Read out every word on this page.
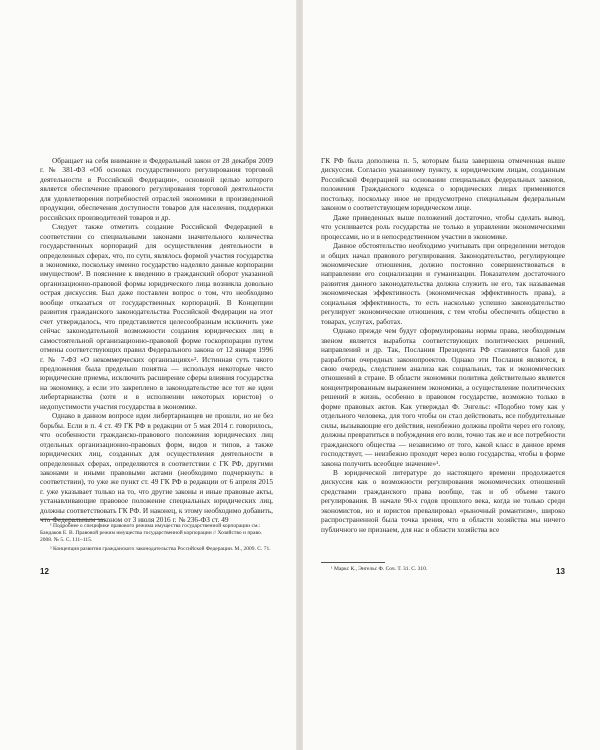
Обращает на себя внимание и Федеральный закон от 28 декабря 2009 г. № 381-ФЗ «Об основах государственного регулирования торговой деятельности в Российской Федерации», основной целью которого является обеспечение правового регулирования торговой деятельности для удовлетворения потребностей отраслей экономики в произведенной продукции, обеспечения доступности товаров для населения, поддержки российских производителей товаров и др.

Следует также отметить создание Российской Федерацией в соответствии со специальными законами значительного количества государственных корпораций для осуществления деятельности в определенных сферах, что, по сути, являлось формой участия государства в экономике, поскольку именно государство наделяло данные корпорации имуществом¹. В пояснение к введению в гражданский оборот указанной организационно-правовой формы юридического лица возникла довольно острая дискуссия. Был даже поставлен вопрос о том, что необходимо вообще отказаться от государственных корпораций. В Концепции развития гражданского законодательства Российской Федерации на этот счет утверждалось, что представляется целесообразным исключить уже сейчас законодательной возможности создания юридических лиц в самостоятельной организационно-правовой форме госкорпорации путем отмены соответствующих правил Федерального закона от 12 января 1996 г. № 7-ФЗ «О некоммерческих организациях»². Истинная суть такого предложения была предельно понятна — используя некоторые чисто юридические приемы, исключить расширение сферы влияния государства на экономику, а если это закреплено в законодательстве все тот же идеи либертарианства (хотя и в исполнении некоторых юристов) о недопустимости участия государства в экономике.

Однако в данном вопросе идеи либертарианцев не прошли, но не без борьбы. Если в п. 4 ст. 49 ГК РФ в редакции от 5 мая 2014 г. говорилось, что особенности гражданско-правового положения юридических лиц отдельных организационно-правовых форм, видов и типов, а также юридических лиц, созданных для осуществления деятельности в определенных сферах, определяются в соответствии с ГК РФ, другими законами и иными правовыми актами (необходимо подчеркнуть: в соответствии), то уже же пункт ст. 49 ГК РФ в редакции от 6 апреля 2015 г. уже указывает только на то, что другие законы и иные правовые акты, устанавливающие правовое положение специальных юридических лиц, должны соответствовать ГК РФ. И наконец, к этому необходимо добавить, что Федеральным законом от 3 июля 2016 г. № 236-ФЗ ст. 49

¹ Подробнее о специфике правового режима имущества государственной корпорации см.: Бандаков Е. В. Правовой режим имущества государственной корпорации // Хозяйство и право. 2008. № 5. С. 111–115.

² Концепция развития гражданского законодательства Российской Федерации. М., 2009. С. 71.

12

ГК РФ была дополнена п. 5, которым была завершена отмеченная выше дискуссия. Согласно указанному пункту, к юридическим лицам, созданным Российской Федерацией на основании специальных федеральных законов, положения Гражданского кодекса о юридических лицах применяются постольку, поскольку иное не предусмотрено специальным федеральным законом о соответствующем юридическом лице.

Даже приведенных выше положений достаточно, чтобы сделать вывод, что усиливается роль государства не только в управлении экономическими процессами, но и в непосредственном участии в экономике.

Данное обстоятельство необходимо учитывать при определении методов и общих начал правового регулирования. Законодательство, регулирующее экономические отношения, должно постоянно совершенствоваться в направлении его социализации и гуманизации. Показателем достаточного развития данного законодательства должна служить не его, так называемая экономическая эффективность (экономическая эффективность права), а социальная эффективность, то есть насколько успешно законодательство регулирует экономические отношения, с тем чтобы обеспечить общество в товарах, услугах, работах.

Однако прежде чем будут сформулированы нормы права, необходимым звеном является выработка соответствующих политических решений, направлений и др. Так, Послания Президента РФ становятся базой для разработки очередных законопроектов. Однако эти Послания являются, в свою очередь, следствием анализа как социальных, так и экономических отношений в стране. В области экономики политика действительно является концентрированным выражением экономики, а осуществление политических решений в жизнь, особенно в правовом государстве, возможно только в форме правовых актов. Как утверждал Ф. Энгельс: «Подобно тому как у отдельного человека, для того чтобы он стал действовать, все побудительные силы, вызывающие его действия, неизбежно должны пройти через его голову, должны превратиться в побуждения его воли, точно так же и все потребности гражданского общества — независимо от того, какой класс в данное время господствует, — неизбежно проходят через волю государства, чтобы в форме закона получить всеобщее значение»¹.

В юридической литературе до настоящего времени продолжается дискуссия как о возможности регулирования экономических отношений средствами гражданского права вообще, так и об объеме такого регулирования. В начале 90-х годов прошлого века, когда не только среди экономистов, но и юристов превалировал «рыночный романтизм», широко распространенной была точка зрения, что в области хозяйства мы ничего публичного не признаем, для нас в области хозяйства все

¹ Маркс К., Энгельс Ф. Соч. Т. 31. С. 310.	13
